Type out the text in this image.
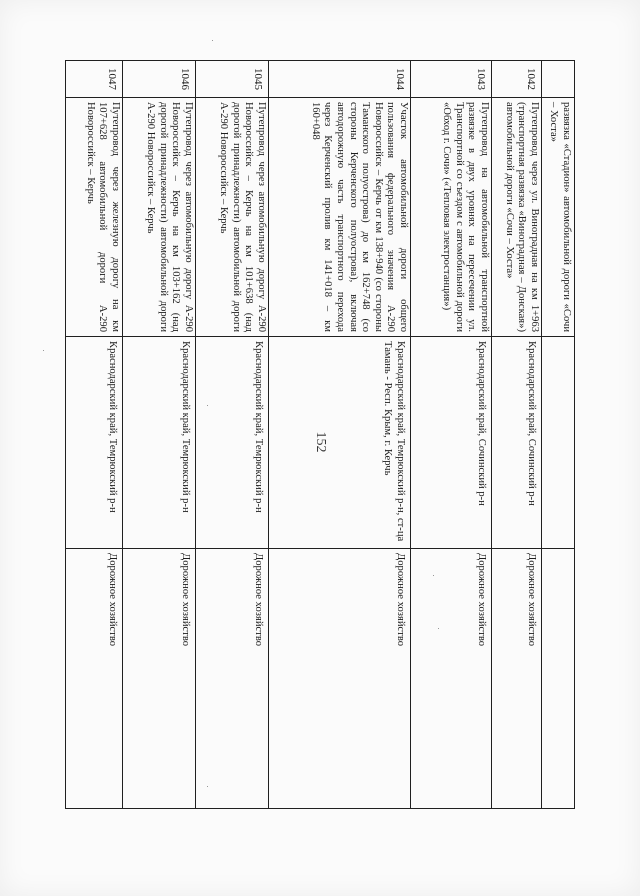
152
	развязка «Стадион» автомобильной дороги «Сочи – Хоста»		
1042	Путепровод через ул. Виноградная на км 1+963 (транспортная развязка «Виноградная – Донская») автомобильной дороги «Сочи – Хоста»	Краснодарский край, Сочинский р-н	Дорожное хозяйство
1043	Путепровод на автомобильной транспортной развязке в двух уровнях на пересечении ул. Транспортной со съездом с автомобильной дороги «Обход г. Сочи» («Тепловая электростанция»)	Краснодарский край, Сочинский р-н	Дорожное хозяйство
1044	Участок автомобильной дороги общего пользования федерального значения А-290 Новороссийск – Керчь от км 138+940 (со стороны Таманского полуострова) до км 162+748 (со стороны Керченского полуострова), включая автодорожную часть транспортного перехода через Керченский пролив км 141+018 – км 160+048	Краснодарский край, Темрюкский р-н, ст-ца Тамань - Респ. Крым, г. Керчь	Дорожное хозяйство
1045	Путепровод через автомобильную дорогу А-290 Новороссийск – Керчь на км 101+638 (над дорогой принадлежности) автомобильной дороги А-290 Новороссийск – Керчь	Краснодарский край, Темрюкский р-н	Дорожное хозяйство
1046	Путепровод через автомобильную дорогу А-290 Новороссийск – Керчь на км 103+162 (над дорогой принадлежности) автомобильной дороги А-290 Новороссийск – Керчь	Краснодарский край, Темрюкский р-н	Дорожное хозяйство
1047	Путепровод через железную дорогу на км 107+628 автомобильной дороги А-290 Новороссийск – Керчь	Краснодарский край, Темрюкский р-н	Дорожное хозяйство
